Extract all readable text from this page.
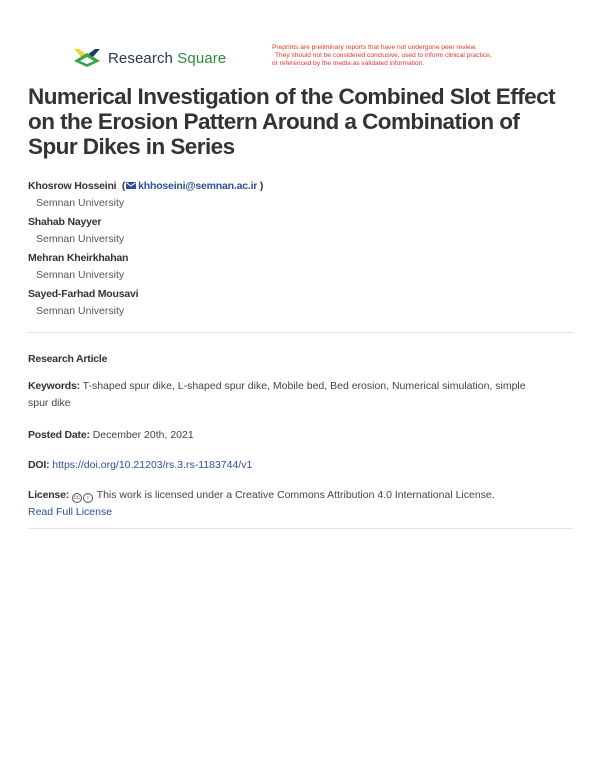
Research Square
Preprints are preliminary reports that have not undergone peer review.
They should not be considered conclusive, used to inform clinical practice,
or referenced by the media as validated information.
Numerical Investigation of the Combined Slot Effect
on the Erosion Pattern Around a Combination of
Spur Dikes in Series
Khosrow Hosseini  ( khhoseini@semnan.ac.ir )
Semnan University
Shahab Nayyer
Semnan University
Mehran Kheirkhahan
Semnan University
Sayed-Farhad Mousavi
Semnan University
Research Article
Keywords: T-shaped spur dike, L-shaped spur dike, Mobile bed, Bed erosion, Numerical simulation, simple
spur dike
Posted Date: December 20th, 2021
DOI: https://doi.org/10.21203/rs.3.rs-1183744/v1
License: cc i This work is licensed under a Creative Commons Attribution 4.0 International License.
Read Full License
